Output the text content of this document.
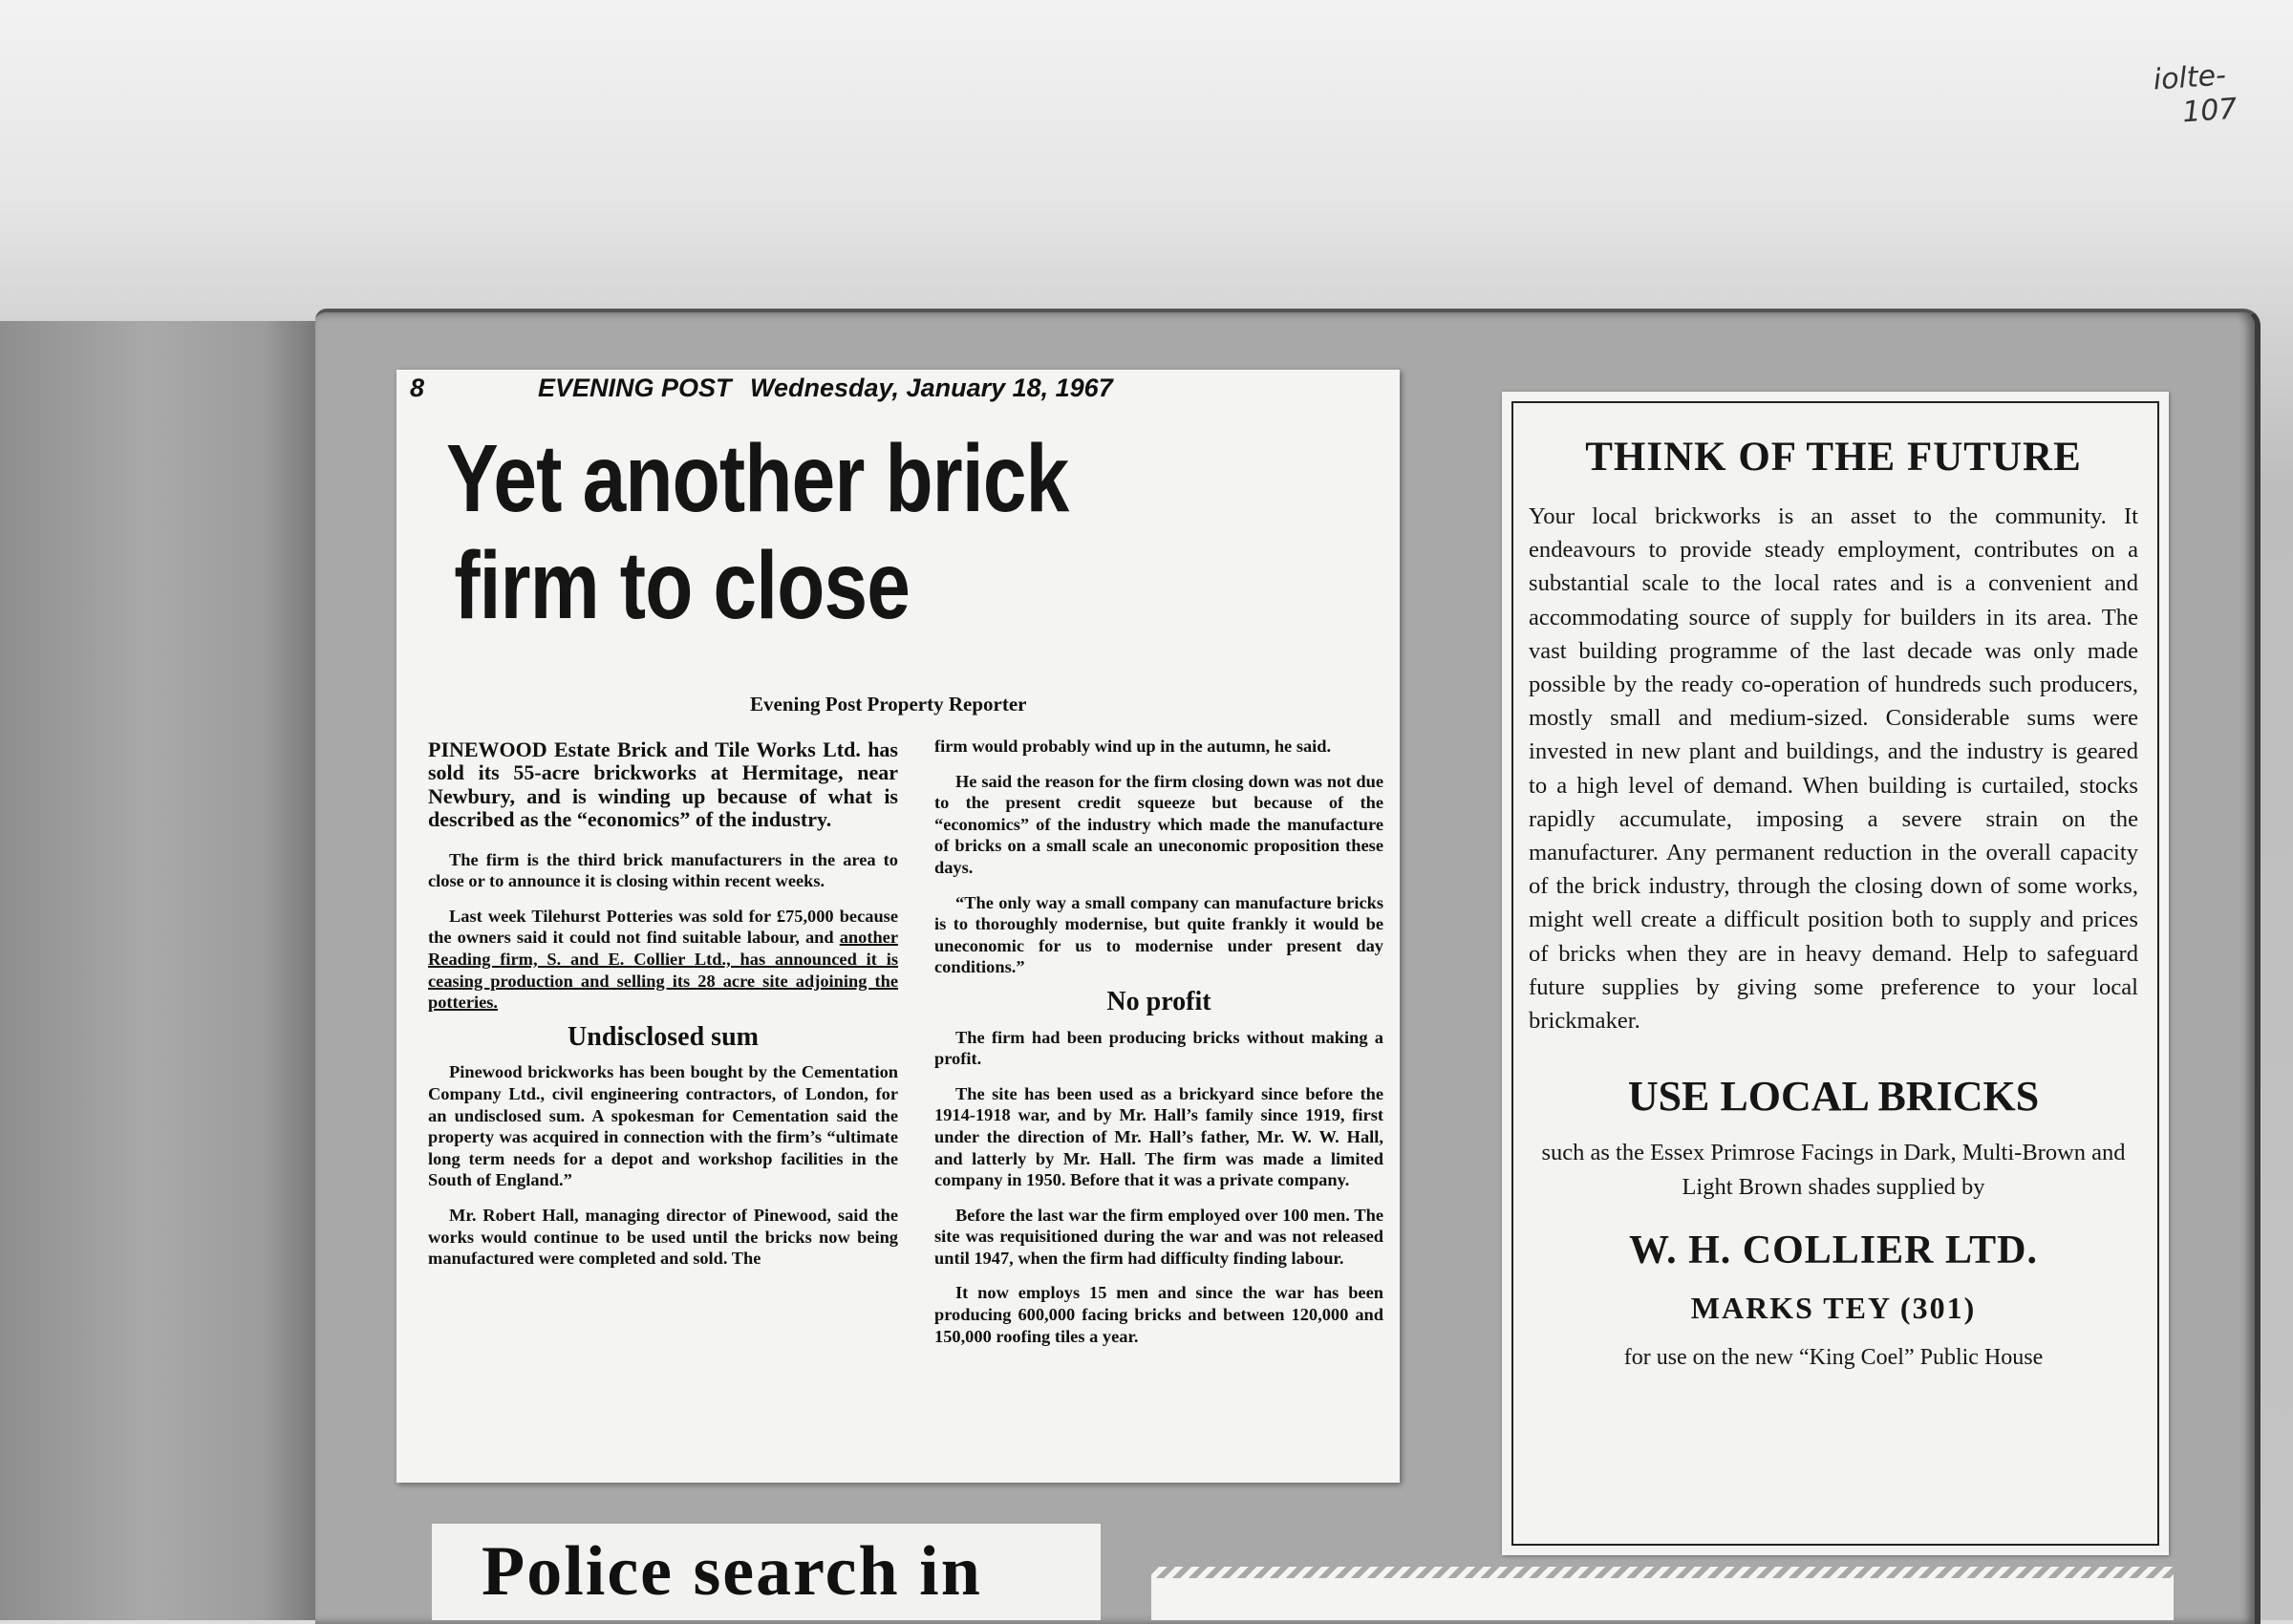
iolte-
107
8	EVENING POST Wednesday, January 18, 1967
Yet another brick
firm to close
Evening Post Property Reporter

PINEWOOD Estate Brick and Tile Works Ltd. has sold its 55-acre brickworks at Hermitage, near Newbury, and is winding up because of what is described as the “economics” of the industry.

The firm is the third brick manufacturers in the area to close or to announce it is closing within recent weeks.

Last week Tilehurst Potteries was sold for £75,000 because the owners said it could not find suitable labour, and another Reading firm, S. and E. Collier Ltd., has announced it is ceasing production and selling its 28 acre site adjoining the potteries.

Undisclosed sum

Pinewood brickworks has been bought by the Cementation Company Ltd., civil engineering contractors, of London, for an undisclosed sum. A spokesman for Cementation said the property was acquired in connection with the firm’s “ultimate long term needs for a depot and workshop facilities in the South of England.”

Mr. Robert Hall, managing director of Pinewood, said the works would continue to be used until the bricks now being manufactured were completed and sold. The

firm would probably wind up in the autumn, he said.

He said the reason for the firm closing down was not due to the present credit squeeze but because of the “economics” of the industry which made the manufacture of bricks on a small scale an uneconomic proposition these days.

“The only way a small company can manufacture bricks is to thoroughly modernise, but quite frankly it would be uneconomic for us to modernise under present day conditions.”

No profit

The firm had been producing bricks without making a profit.

The site has been used as a brickyard since before the 1914-1918 war, and by Mr. Hall’s family since 1919, first under the direction of Mr. Hall’s father, Mr. W. W. Hall, and latterly by Mr. Hall. The firm was made a limited company in 1950. Before that it was a private company.

Before the last war the firm employed over 100 men. The site was requisitioned during the war and was not released until 1947, when the firm had difficulty finding labour.

It now employs 15 men and since the war has been producing 600,000 facing bricks and between 120,000 and 150,000 roofing tiles a year.

THINK OF THE FUTURE
Your local brickworks is an asset to the community. It endeavours to provide steady employment, contributes on a substantial scale to the local rates and is a convenient and accommodating source of supply for builders in its area. The vast building programme of the last decade was only made possible by the ready co-operation of hundreds such producers, mostly small and medium-sized. Considerable sums were invested in new plant and buildings, and the industry is geared to a high level of demand. When building is curtailed, stocks rapidly accumulate, imposing a severe strain on the manufacturer. Any permanent reduction in the overall capacity of the brick industry, through the closing down of some works, might well create a difficult position both to supply and prices of bricks when they are in heavy demand. Help to safeguard future supplies by giving some preference to your local brickmaker.
USE LOCAL BRICKS
such as the Essex Primrose Facings in Dark, Multi-Brown and Light Brown shades supplied by
W. H. COLLIER LTD.
MARKS TEY (301)
for use on the new “King Coel” Public House
Police search in
